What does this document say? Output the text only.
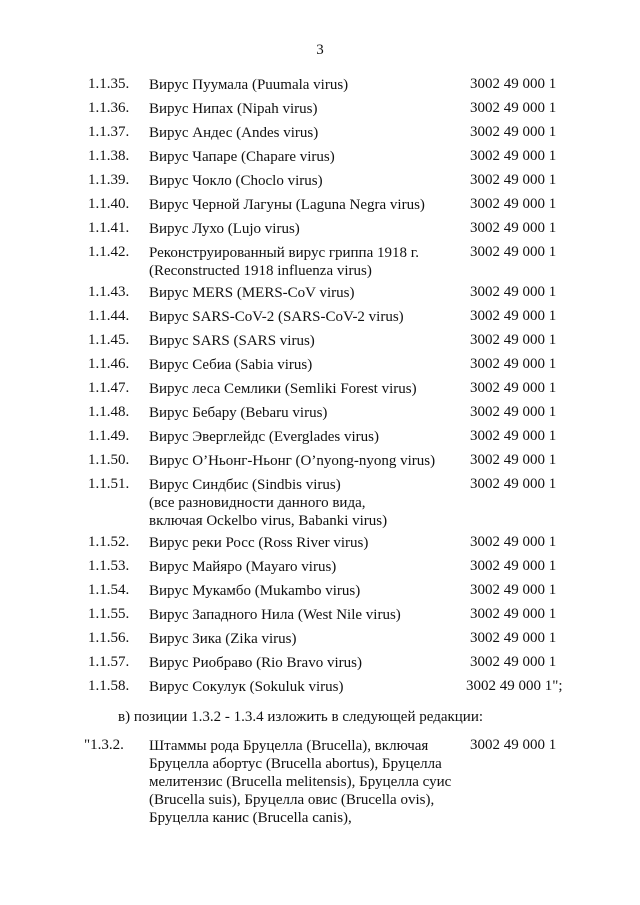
3
1.1.35. Вирус Пуумала (Puumala virus)	3002 49 000 1
1.1.36. Вирус Нипах (Nipah virus)	3002 49 000 1
1.1.37. Вирус Андес (Andes virus)	3002 49 000 1
1.1.38. Вирус Чапаре (Chapare virus)	3002 49 000 1
1.1.39. Вирус Чокло (Choclo virus)	3002 49 000 1
1.1.40. Вирус Черной Лагуны (Laguna Negra virus)	3002 49 000 1
1.1.41. Вирус Лухо (Lujo virus)	3002 49 000 1
1.1.42. Реконструированный вирус гриппа 1918 г.
(Reconstructed 1918 influenza virus)
3002 49 000 1
1.1.43. Вирус MERS (MERS-CoV virus)	3002 49 000 1
1.1.44. Вирус SARS-CoV-2 (SARS-CoV-2 virus)	3002 49 000 1
1.1.45. Вирус SARS (SARS virus)	3002 49 000 1
1.1.46. Вирус Себиа (Sabia virus)	3002 49 000 1
1.1.47. Вирус леса Семлики (Semliki Forest virus)	3002 49 000 1
1.1.48. Вирус Бебару (Bebaru virus)	3002 49 000 1
1.1.49. Вирус Эверглейдс (Everglades virus)	3002 49 000 1
1.1.50. Вирус О’Ньонг-Ньонг (O’nyong-nyong virus)	3002 49 000 1
1.1.51. Вирус Синдбис (Sindbis virus)
(все разновидности данного вида,
включая Ockelbo virus, Babanki virus)
3002 49 000 1
1.1.52. Вирус реки Росс (Ross River virus)	3002 49 000 1
1.1.53. Вирус Майяро (Mayaro virus)	3002 49 000 1
1.1.54. Вирус Мукамбо (Mukambo virus)	3002 49 000 1
1.1.55. Вирус Западного Нила (West Nile virus)	3002 49 000 1
1.1.56. Вирус Зика (Zika virus)	3002 49 000 1
1.1.57. Вирус Риобраво (Rio Bravo virus)	3002 49 000 1
1.1.58. Вирус Сокулук (Sokuluk virus)	3002 49 000 1";
в) позиции 1.3.2 - 1.3.4 изложить в следующей редакции:
"1.3.2. Штаммы рода Бруцелла (Brucella), включая
Бруцелла абортус (Brucella abortus), Бруцелла
мелитензис (Brucella melitensis), Бруцелла суис
(Brucella suis), Бруцелла овис (Brucella ovis),
Бруцелла канис (Brucella canis),
3002 49 000 1
